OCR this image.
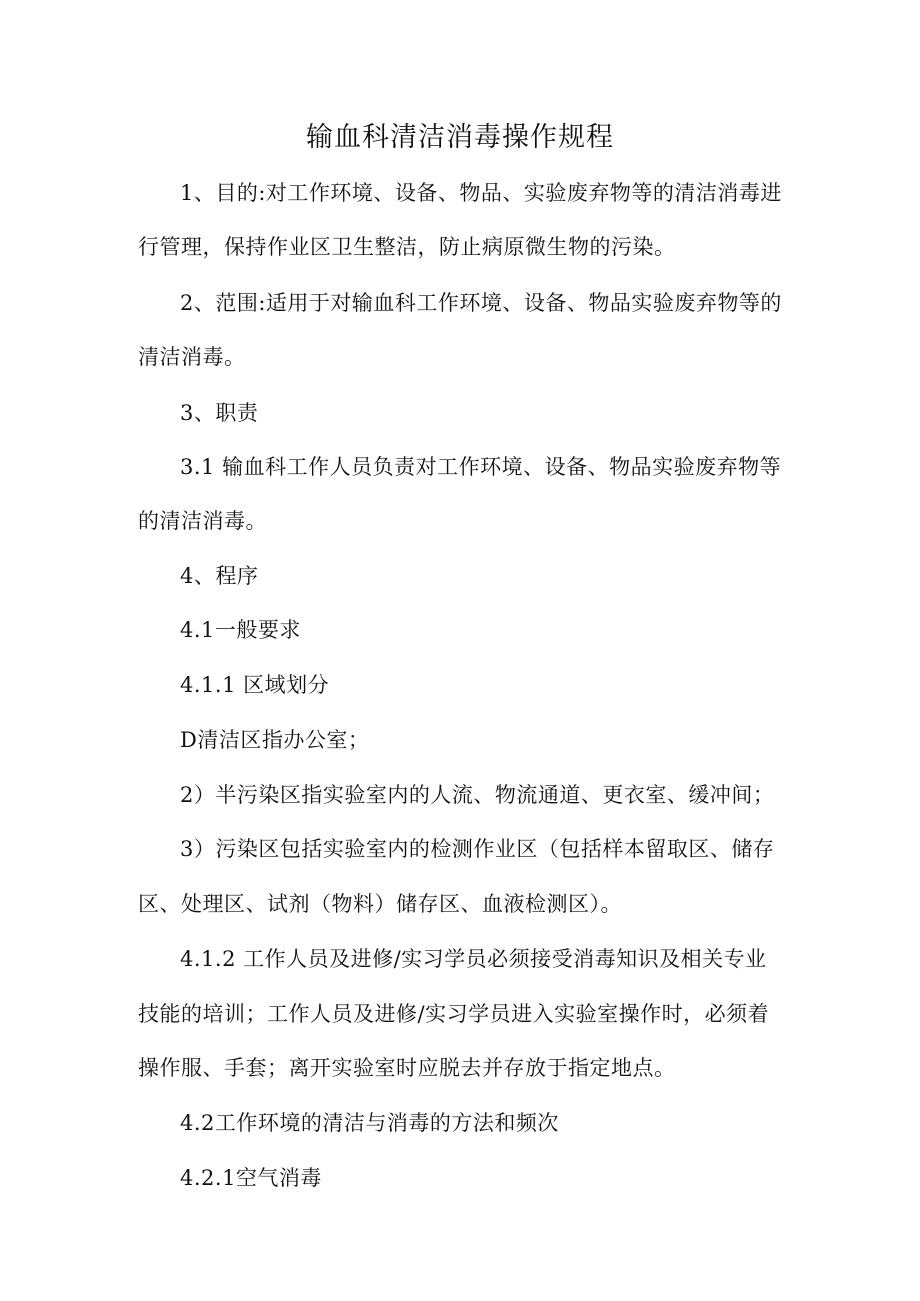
输血科清洁消毒操作规程
1、目的:对工作环境、设备、物品、实验废弃物等的清洁消毒进
行管理，保持作业区卫生整洁，防止病原微生物的污染。
2、范围:适用于对输血科工作环境、设备、物品实验废弃物等的
清洁消毒。
3、职责
3.1 输血科工作人员负责对工作环境、设备、物品实验废弃物等
的清洁消毒。
4、程序
4.1一般要求
4.1.1 区域划分
D清洁区指办公室；
2）半污染区指实验室内的人流、物流通道、更衣室、缓冲间；
3）污染区包括实验室内的检测作业区（包括样本留取区、储存
区、处理区、试剂（物料）储存区、血液检测区）。
4.1.2 工作人员及进修/实习学员必须接受消毒知识及相关专业
技能的培训；工作人员及进修/实习学员进入实验室操作时，必须着
操作服、手套；离开实验室时应脱去并存放于指定地点。
4.2工作环境的清洁与消毒的方法和频次
4.2.1空气消毒
